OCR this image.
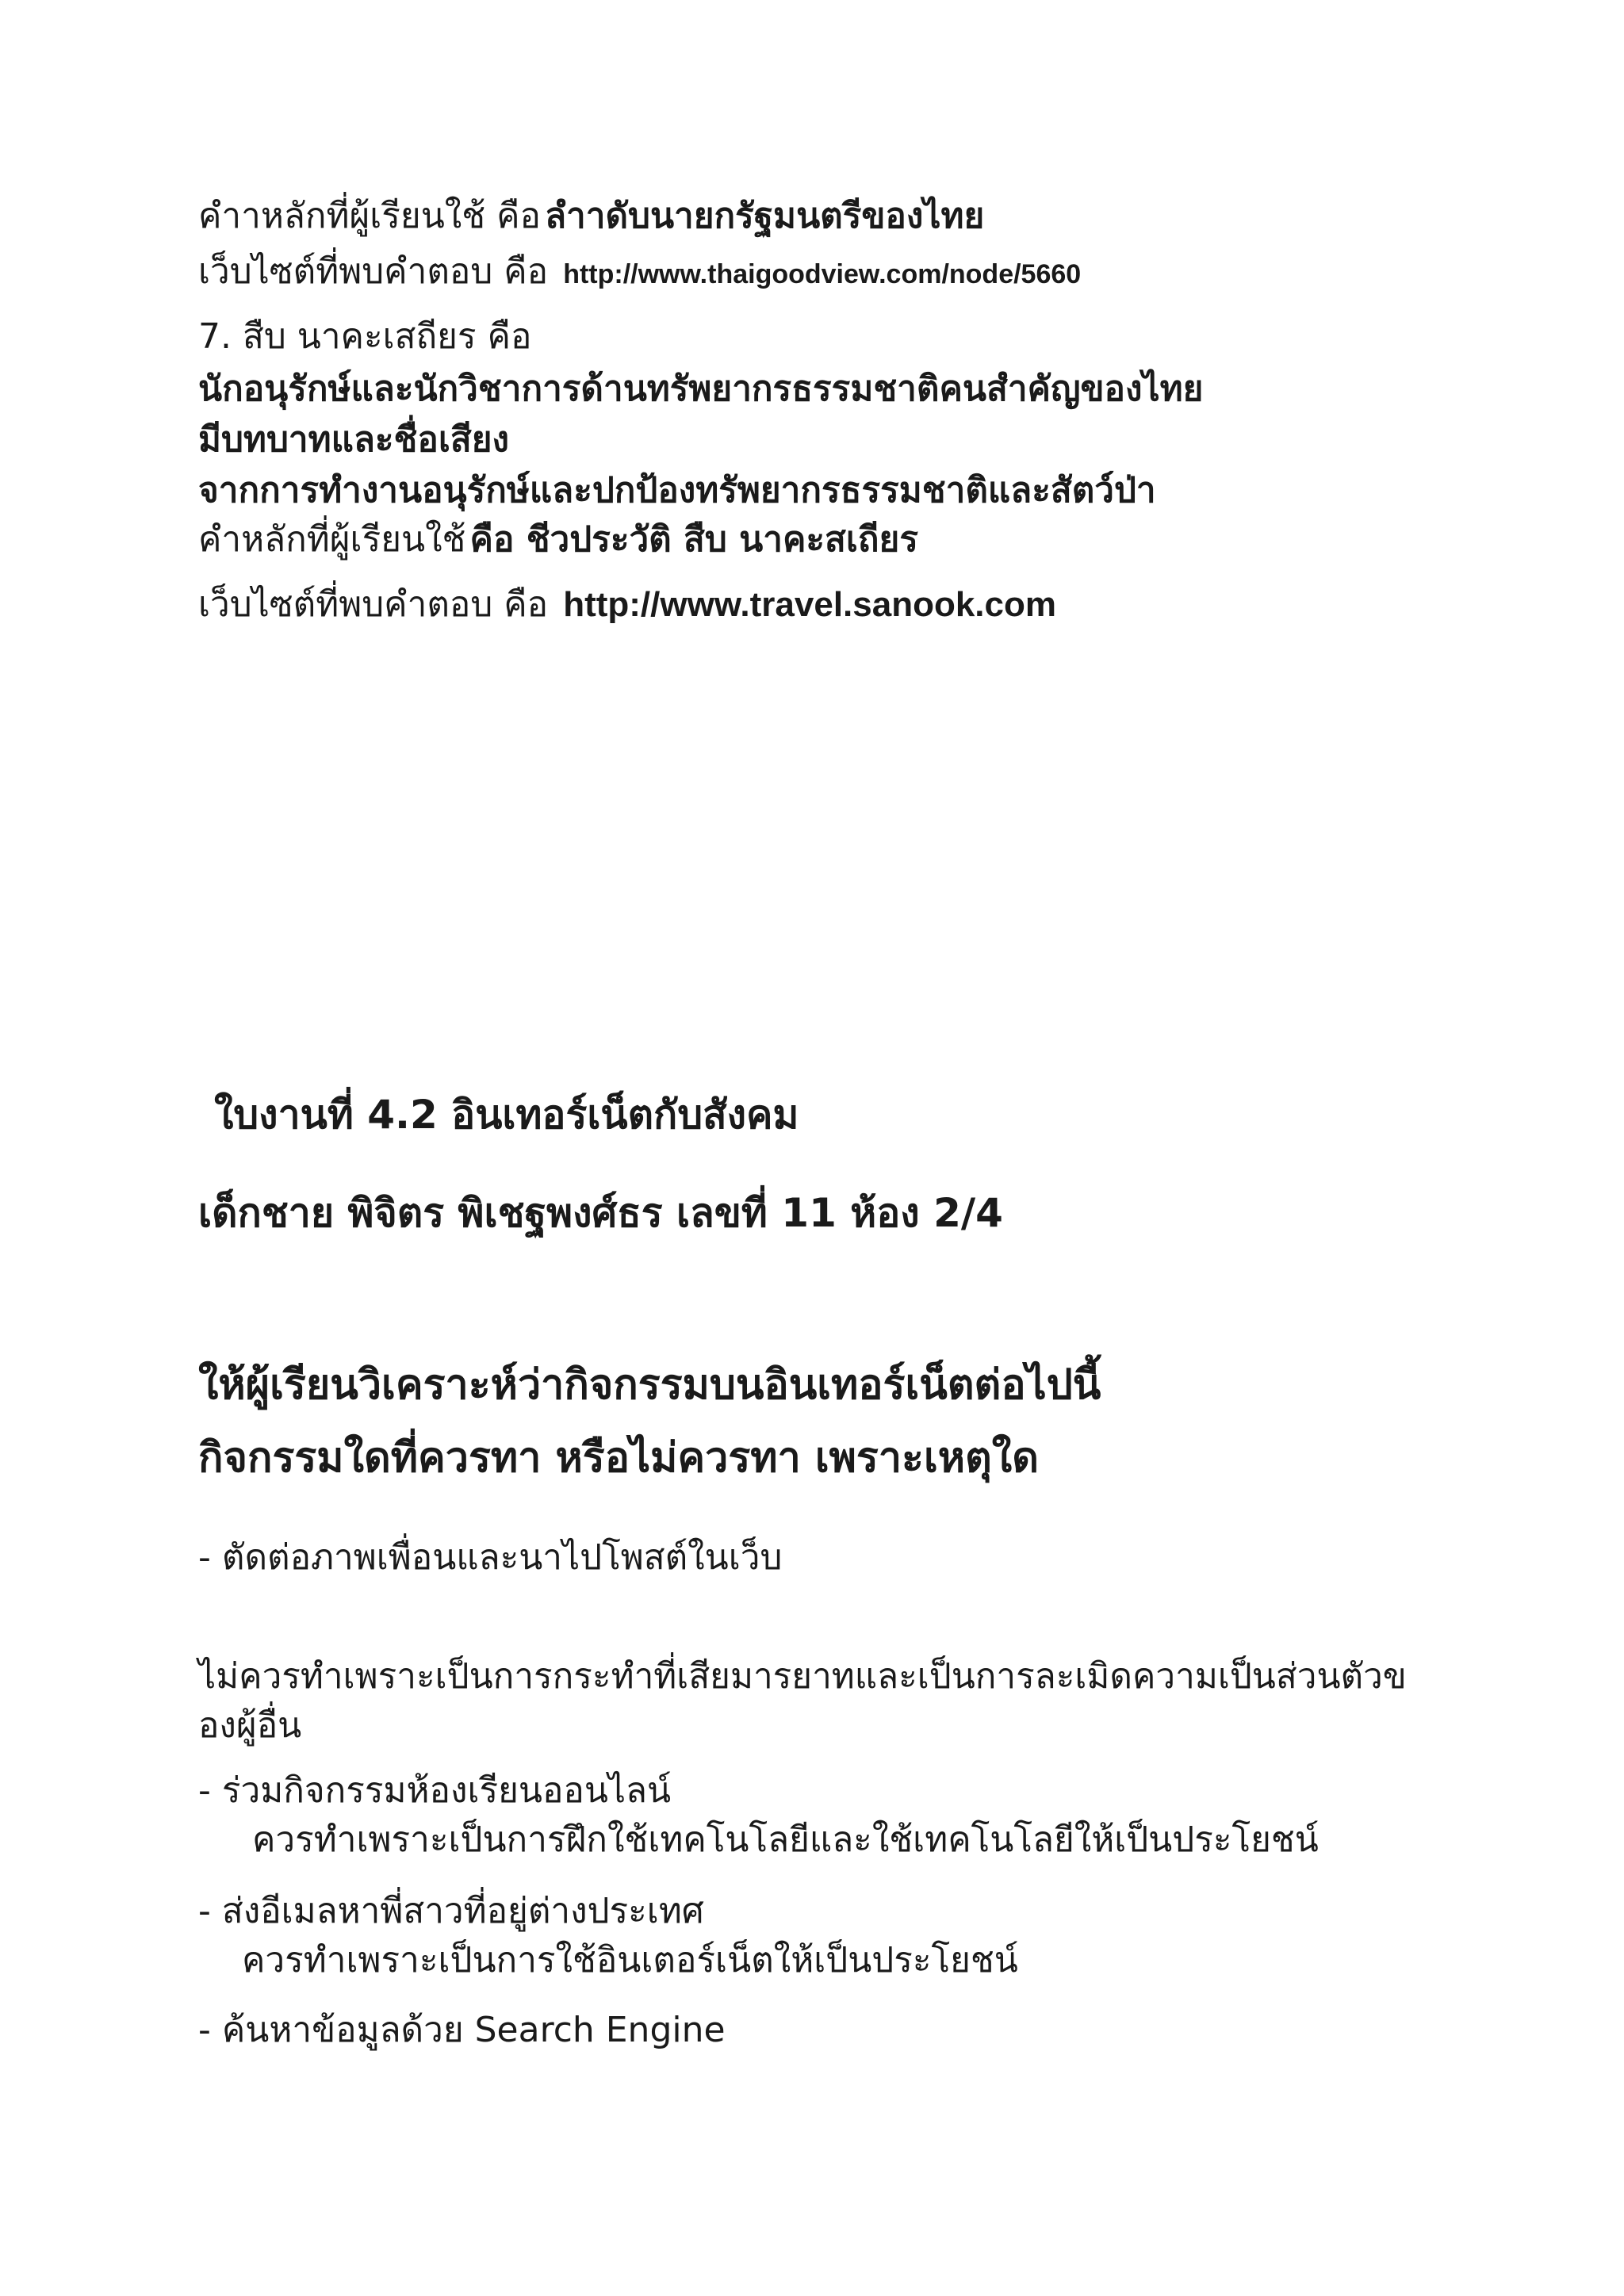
คำาหลักที่ผู้เรียนใช้ คือ ลำาดับนายกรัฐมนตรีของไทย
เว็บไซต์ที่พบคำตอบ คือ http://www.thaigoodview.com/node/5660
7. สืบ นาคะเสถียร คือ
นักอนุรักษ์และนักวิชาการด้านทรัพยากรธรรมชาติคนสำคัญของไทย
มีบทบาทและชื่อเสียง
จากการทำงานอนุรักษ์และปกป้องทรัพยากรธรรมชาติและสัตว์ป่า
คำหลักที่ผู้เรียนใช้ คือ ชีวประวัติ สืบ นาคะสเถียร
เว็บไซต์ที่พบคำตอบ คือ http://www.travel.sanook.com
ใบงานที่ 4.2 อินเทอร์เน็ตกับสังคม
เด็กชาย พิจิตร พิเชฐพงศ์ธร เลขที่ 11 ห้อง 2/4
ให้ผู้เรียนวิเคราะห์ว่ากิจกรรมบนอินเทอร์เน็ตต่อไปนี้
กิจกรรมใดที่ควรทา หรือไม่ควรทา เพราะเหตุใด
- ตัดต่อภาพเพื่อนและนาไปโพสต์ในเว็บ
ไม่ควรทำเพราะเป็นการกระทำที่เสียมารยาทและเป็นการละเมิดความเป็นส่วนตัวข
องผู้อื่น
- ร่วมกิจกรรมห้องเรียนออนไลน์
ควรทำเพราะเป็นการฝึกใช้เทคโนโลยีและใช้เทคโนโลยีให้เป็นประโยชน์
- ส่งอีเมลหาพี่สาวที่อยู่ต่างประเทศ
ควรทำเพราะเป็นการใช้อินเตอร์เน็ตให้เป็นประโยชน์
- ค้นหาข้อมูลด้วย Search Engine
